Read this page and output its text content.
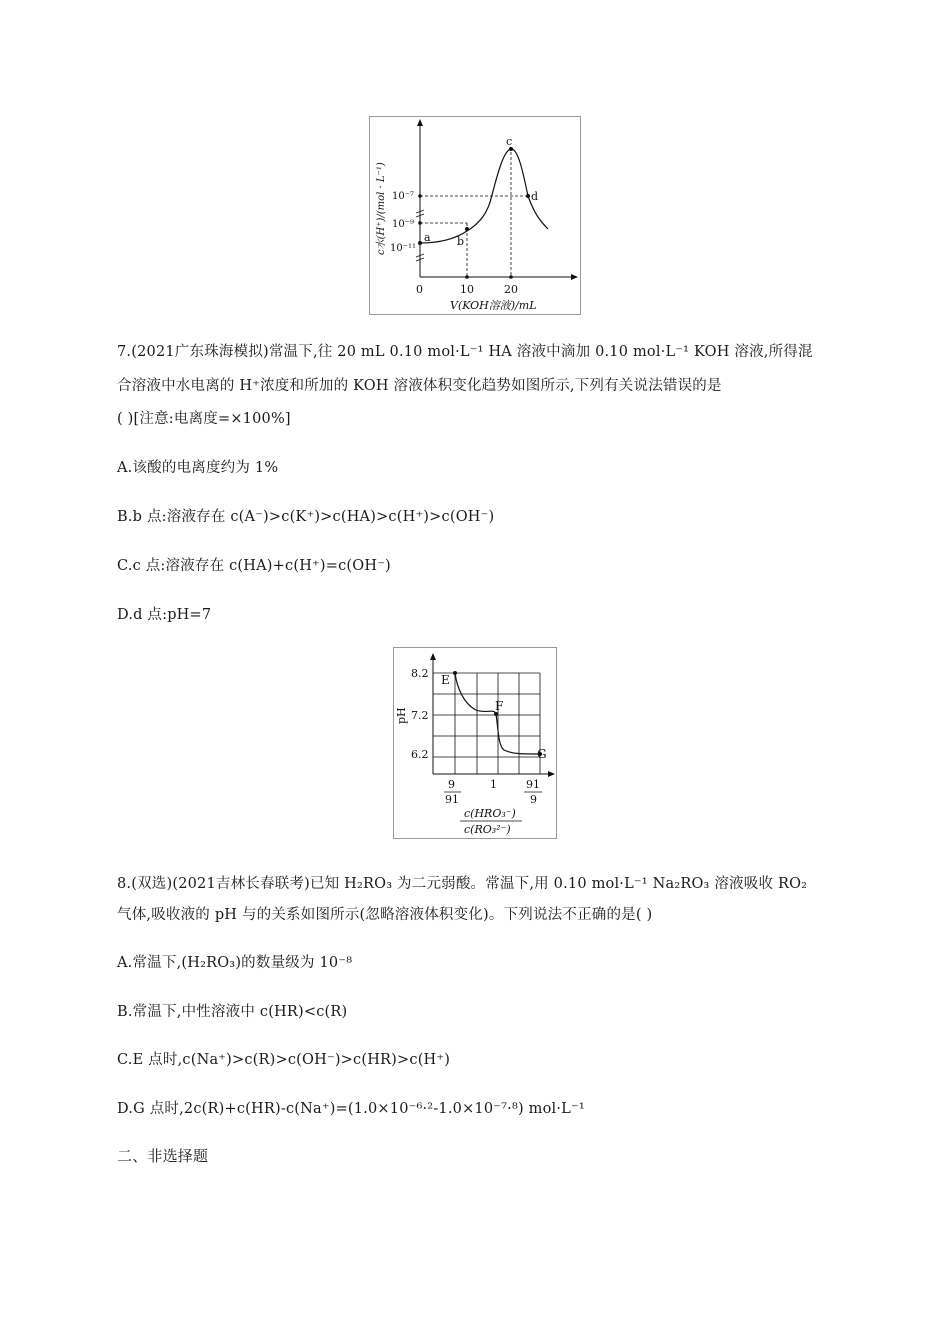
a b
c
d
10⁻⁷
10⁻⁹
10⁻¹¹
0	10	20
V(KOH溶液)/mL
c水(H⁺)/(mol · L⁻¹)
7.(2021广东珠海模拟)常温下,往 20 mL 0.10 mol·L⁻¹ HA 溶液中滴加 0.10 mol·L⁻¹ KOH 溶液,所得混
合溶液中水电离的 H⁺浓度和所加的 KOH 溶液体积变化趋势如图所示,下列有关说法错误的是
( )[注意:电离度=×100%]
A.该酸的电离度约为 1%
B.b 点:溶液存在 c(A⁻)>c(K⁺)>c(HA)>c(H⁺)>c(OH⁻)
C.c 点:溶液存在 c(HA)+c(H⁺)=c(OH⁻)
D.d 点:pH=7
E
F
G
8.2
7.2
6.2
pH
9
91
1	91
9
c(HRO₃⁻)
c(RO₃²⁻)
8.(双选)(2021吉林长春联考)已知 H₂RO₃ 为二元弱酸。常温下,用 0.10 mol·L⁻¹ Na₂RO₃ 溶液吸收 RO₂
气体,吸收液的 pH 与的关系如图所示(忽略溶液体积变化)。下列说法不正确的是( )
A.常温下,(H₂RO₃)的数量级为 10⁻⁸
B.常温下,中性溶液中 c(HR)<c(R)
C.E 点时,c(Na⁺)>c(R)>c(OH⁻)>c(HR)>c(H⁺)
D.G 点时,2c(R)+c(HR)-c(Na⁺)=(1.0×10⁻⁶·²-1.0×10⁻⁷·⁸) mol·L⁻¹
二、非选择题
